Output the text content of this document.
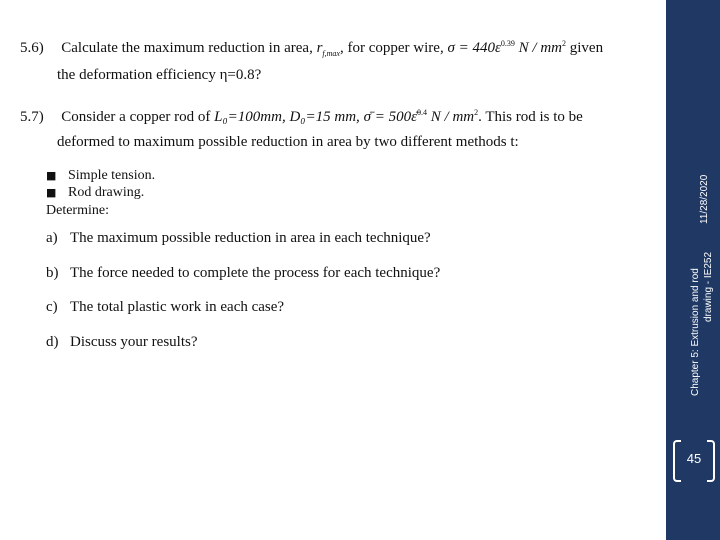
5.6) Calculate the maximum reduction in area, $r_{f,max}$, for copper wire, $\sigma = 440\varepsilon^{0.39}$ N / $mm^2$ given
the deformation efficiency η=0.8?
5.7) Consider a copper rod of L₀=100mm, D₀=15 mm, σ̄ = 500ε̄$^{0.4}$ N / $mm^2$. This rod is to be
deformed to maximum possible reduction in area by two different methods t:
■ Simple tension.
■ Rod drawing.
Determine:
a) The maximum possible reduction in area in each technique?
b) The force needed to complete the process for each technique?
c) The total plastic work in each case?
d) Discuss your results?	Chapter 5: Extrusion and rod drawing - IE252
11/28/2020
45
